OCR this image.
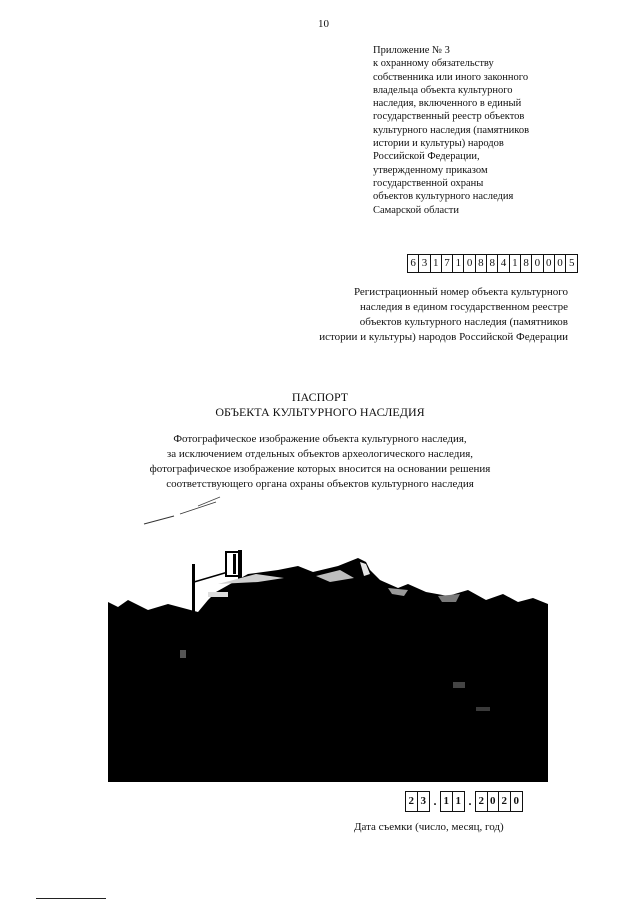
10
Приложение № 3
к охранному обязательству
собственника или иного законного
владельца объекта культурного
наследия, включенного в единый
государственный реестр объектов
культурного наследия (памятников
истории и культуры) народов
Российской Федерации,
утвержденному приказом
государственной охраны
объектов культурного наследия
Самарской области
6 3 1 7 1 0 8 8 4 1 8 0 0 0 5
Регистрационный номер объекта культурного
наследия в едином государственном реестре
объектов культурного наследия (памятников
истории и культуры) народов Российской Федерации
ПАСПОРТ
ОБЪЕКТА КУЛЬТУРНОГО НАСЛЕДИЯ
Фотографическое изображение объекта культурного наследия,
за исключением отдельных объектов археологического наследия,
фотографическое изображение которых вносится на основании решения
соответствующего органа охраны объектов культурного наследия
2 3 . 1 1 . 2 0 2 0
Дата съемки (число, месяц, год)
